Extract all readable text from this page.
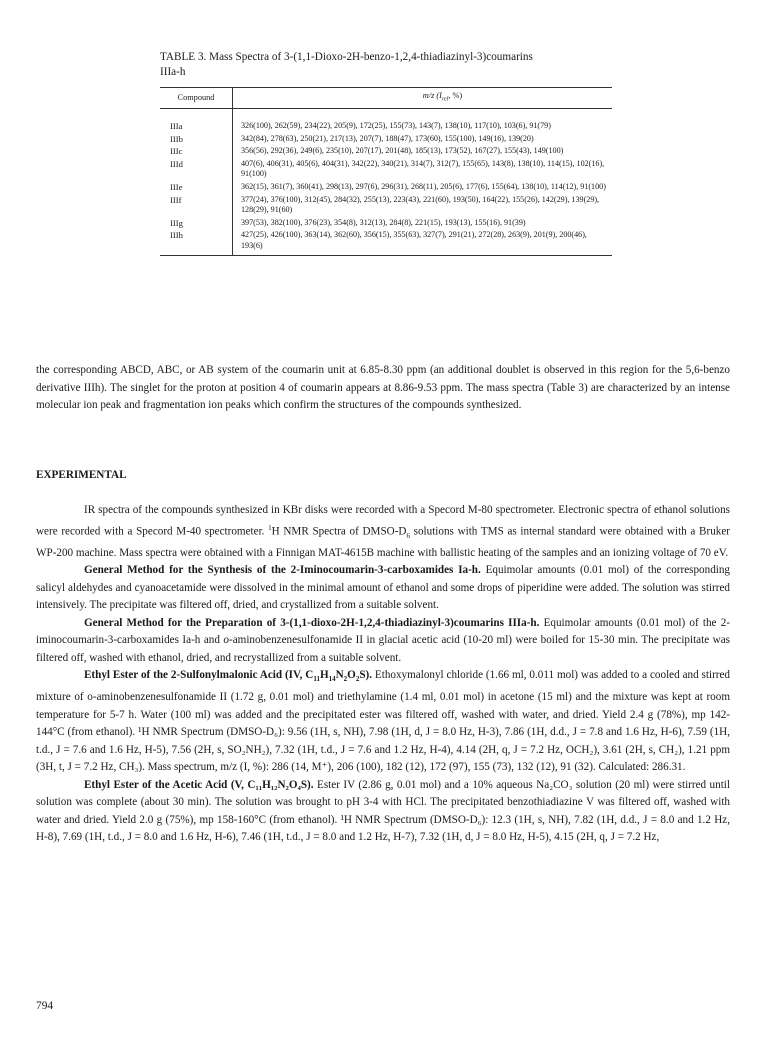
TABLE 3. Mass Spectra of 3-(1,1-Dioxo-2H-benzo-1,2,4-thiadiazinyl-3)coumarins
IIIa-h
Compound	m/z ($I_{rel}$, %)
IIIa	326(100), 262(59), 234(22), 205(9), 172(25), 155(73), 143(7), 138(10), 117(10), 103(6), 91(79)
IIIb	342(84), 278(63), 250(21), 217(13), 207(7), 188(47), 173(60), 155(100), 149(16), 139(20)
IIIc	356(56), 292(36), 249(6), 235(10), 207(17), 201(48), 185(13), 173(52), 167(27), 155(43), 149(100)
IIId	407(6), 406(31), 405(6), 404(31), 342(22), 340(21), 314(7), 312(7), 155(65), 143(8), 138(10), 114(15), 102(16), 91(100)
IIIe	362(15), 361(7), 360(41), 298(13), 297(6), 296(31), 268(11), 205(6), 177(6), 155(64), 138(10), 114(12), 91(100)
IIIf	377(24), 376(100), 312(45), 284(32), 255(13), 223(43), 221(60), 193(50), 164(22), 155(26), 142(29), 139(29), 128(29), 91(60)
IIIg	397(53), 382(100), 376(23), 354(8), 312(13), 284(8), 221(15), 193(13), 155(16), 91(39)
IIIh	427(25), 426(100), 363(14), 362(60), 356(15), 355(63), 327(7), 291(21), 272(28), 263(9), 201(9), 200(46), 193(6)

the corresponding ABCD, ABC, or AB system of the coumarin unit at 6.85-8.30 ppm (an additional doublet is observed in this region for the 5,6-benzo derivative IIIh). The singlet for the proton at position 4 of coumarin appears at 8.86-9.53 ppm. The mass spectra (Table 3) are characterized by an intense molecular ion peak and fragmentation ion peaks which confirm the structures of the compounds synthesized.

EXPERIMENTAL

IR spectra of the compounds synthesized in KBr disks were recorded with a Specord M-80 spectrometer. Electronic spectra of ethanol solutions were recorded with a Specord M-40 spectrometer. $^1$H NMR Spectra of DMSO-$D_6$ solutions with TMS as internal standard were obtained with a Bruker WP-200 machine. Mass spectra were obtained with a Finnigan MAT-4615B machine with ballistic heating of the samples and an ionizing voltage of 70 eV.

General Method for the Synthesis of the 2-Iminocoumarin-3-carboxamides Ia-h. Equimolar amounts (0.01 mol) of the corresponding salicyl aldehydes and cyanoacetamide were dissolved in the minimal amount of ethanol and some drops of piperidine were added. The solution was stirred intensively. The precipitate was filtered off, dried, and crystallized from a suitable solvent.

General Method for the Preparation of 3-(1,1-dioxo-2H-1,2,4-thiadiazinyl-3)coumarins IIIa-h. Equimolar amounts (0.01 mol) of the 2-iminocoumarin-3-carboxamides Ia-h and o-aminobenzenesulfonamide II in glacial acetic acid (10-20 ml) were boiled for 15-30 min. The precipitate was filtered off, washed with ethanol, dried, and recrystallized from a suitable solvent.

Ethyl Ester of the 2-Sulfonylmalonic Acid (IV, $C_{11}H_{14}N_2O_2S$). Ethoxymalonyl chloride (1.66 ml, 0.011 mol) was added to a cooled and stirred mixture of o-aminobenzenesulfonamide II (1.72 g, 0.01 mol) and triethylamine (1.4 ml, 0.01 mol) in acetone (15 ml) and the mixture was kept at room temperature for 5-7 h. Water (100 ml) was added and the precipitated ester was filtered off, washed with water, and dried. Yield 2.4 g (78%), mp 142-144°C (from ethanol). ¹H NMR Spectrum (DMSO-D₆): 9.56 (1H, s, NH), 7.98 (1H, d, J = 8.0 Hz, H-3), 7.86 (1H, d.d., J = 7.8 and 1.6 Hz, H-6), 7.59 (1H, t.d., J = 7.6 and 1.6 Hz, H-5), 7.56 (2H, s, SO₂NH₂), 7.32 (1H, t.d., J = 7.6 and 1.2 Hz, H-4), 4.14 (2H, q, J = 7.2 Hz, OCH₂), 3.61 (2H, s, CH₂), 1.21 ppm (3H, t, J = 7.2 Hz, CH₃). Mass spectrum, m/z (I, %): 286 (14, M⁺), 206 (100), 182 (12), 172 (97), 155 (73), 132 (12), 91 (32). Calculated: 286.31.

Ethyl Ester of the Acetic Acid (V, C₁₁H₁₂N₂O₄S). Ester IV (2.86 g, 0.01 mol) and a 10% aqueous Na₂CO₃ solution (20 ml) were stirred until solution was complete (about 30 min). The solution was brought to pH 3-4 with HCl. The precipitated benzothiadiazine V was filtered off, washed with water and dried. Yield 2.0 g (75%), mp 158-160°C (from ethanol). ¹H NMR Spectrum (DMSO-D₆): 12.3 (1H, s, NH), 7.82 (1H, d.d., J = 8.0 and 1.2 Hz, H-8), 7.69 (1H, t.d., J = 8.0 and 1.6 Hz, H-6), 7.46 (1H, t.d., J = 8.0 and 1.2 Hz, H-7), 7.32 (1H, d, J = 8.0 Hz, H-5), 4.15 (2H, q, J = 7.2 Hz,

794
